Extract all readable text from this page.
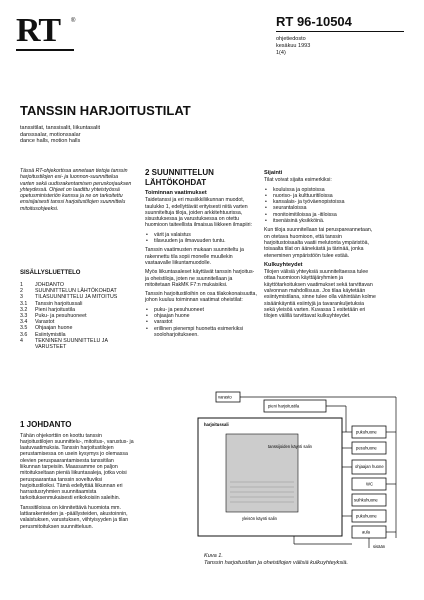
RT ®	RT 96-10504
ohjetiedosto
kesäkuu 1993
1(4)
TANSSIN HARJOITUSTILAT
tanssitilat, tanssisalit, liikuntasalit
dansssalar, motionssalar
dance halls, motion halls
Tässä RT-ohjekortissa annetaan tietoja tanssin harjoitustilojen esi- ja luonnon-suunnittelua varten sekä uudisrakentamisen peruskorjauksen yhteydessä. Ohjeet on laadittu yhteistyössä opetusministeriön kanssa ja ne on tarkoitettu ensisijaisesti tanssi harjoitustilojen suunnittelu mitoitusohjeeksi.
SISÄLLYSLUETTELO
1	JOHDANTO
2	SUUNNITTELUN LÄHTÖKOHDAT
3	TILASUUNNITTELU JA MITOITUS
3.1	Tanssin harjoitussali
3.2	Pieni harjoitustila
3.3	Puku- ja pesuhuoneet
3.4	Varastot
3.5	Ohjaajan huone
3.6	Esiintymistila
4	TEKNINEN SUUNNITTELU JA VARUSTEET
1 JOHDANTO
Tähän ohjekorttiin on koottu tanssin harjoitustilojen suunnittelu-, mitoitus-, varustus- ja laatuvaatimuksia. Tanssin harjoitustilojen perustamisessa on usein kysymys jo olemassa olevien peruspaarantamisesta tanssitilan liikunnan tarpeisiin. Maassamme on paljon mitoitukseltaan pieniä liikuntasaleja, jotka voisi peruspaarantaa tanssin soveltuviksi harjoitustiloiksi. Tämä edellyttää liikunnan eri harrastusryhmien suunnitaamista tarkoituksenmukaisesti erikokoisiin saleihin.
Tanssitiloissa on kiinnitettävä huomiota mm. lattiarakenteiden ja -päällysteiden, akustoinnin, valaistuksen, varustuksen, viihtyisyyden ja tilan perusmitoituksen suunnitteluun.
2 SUUNNITTELUN LÄHTÖKOHDAT
Toiminnan vaatimukset
Taidetanssi ja eri musiikkiliikunnan muodot, taulukko 1, edellyttävät erityisesti niitä varten suunniteltuja tiloja, joiden arkkitehtuurissa, sisustuksessa ja varustuksessa on otettu huomioon taiteellista ilmaisua liikkeen ilmapiiri:
• värit ja valaistus
• tilavuuden ja ilmavuuden tuntu.
Tanssin vaatimusten mukaan suunniteltu ja rakennettu tila sopii monelle muullekin vastaavalle liikuntamuodolle.
Myös liikuntasaleset käyttävät tanssin harjoitus- ja oheistiloja, joten ne suunnitellaan ja mitoitetaan RakMK F7:n mukaisiksi.
Tanssin harjoitustiloihin on osa tilakokonaisuutta, johon kuuluu toiminnan vaatimat oheistilat:
• puku- ja pesuhuoneet
• ohjaajan huone
• varastot
• erillinen pienempi huonetta esimerkiksi sooloharjoitukseen.
Sijainti
Tilat voivat sijaita esimerkiksi:
• kouluissa ja opistoissa
• nuoriso- ja kulttuuritiloissa
• kansalais- ja työväenopistoissa
• seurantaloissa
• monitoimitiloissa ja -itiloissa
• itsenäisinä yksikköinä.
Kun tiloja suunnitellaan tai peruspareannetaan, on otetava huomioon, että tanssin harjoitustoisaalta vaatii melutonta ympäristöä, toisaalta tilat on äänekästä ja tärinää, jonka eteneminen ympäristöön tulee estää.
Kulkuyhteydet
Tilojen välisiä yhteyksiä suunniteltaessa tulee ottaa huomioon käyttäjäryhmien ja käyttötarkoituksen vaatimukset sekä tarvittavan valvonnan mahdollisuus. Jos tilaa käytetään esiintymistilana, sinne tulee olla vähintään kolme sisäänkäyntiä esiintyjä ja tavarankuljetuksia sekä yleisöä varten. Kuvassa 1 esitetään eri tilojen välillä tarvittavat kulkuyhteydet.
varasto
pieni harjoitustila
harjoitussali
tanssijoiden käynti salin
yleisön käynti salin
pukuhuone
pesuhuone
ohjaajan huone
WC
suihkuhuone
pukuhuone
aula
sisään
Kuva 1.
Tanssin harjoitustilan ja oheistilojen välisiä kulkuyhteyksiä.
